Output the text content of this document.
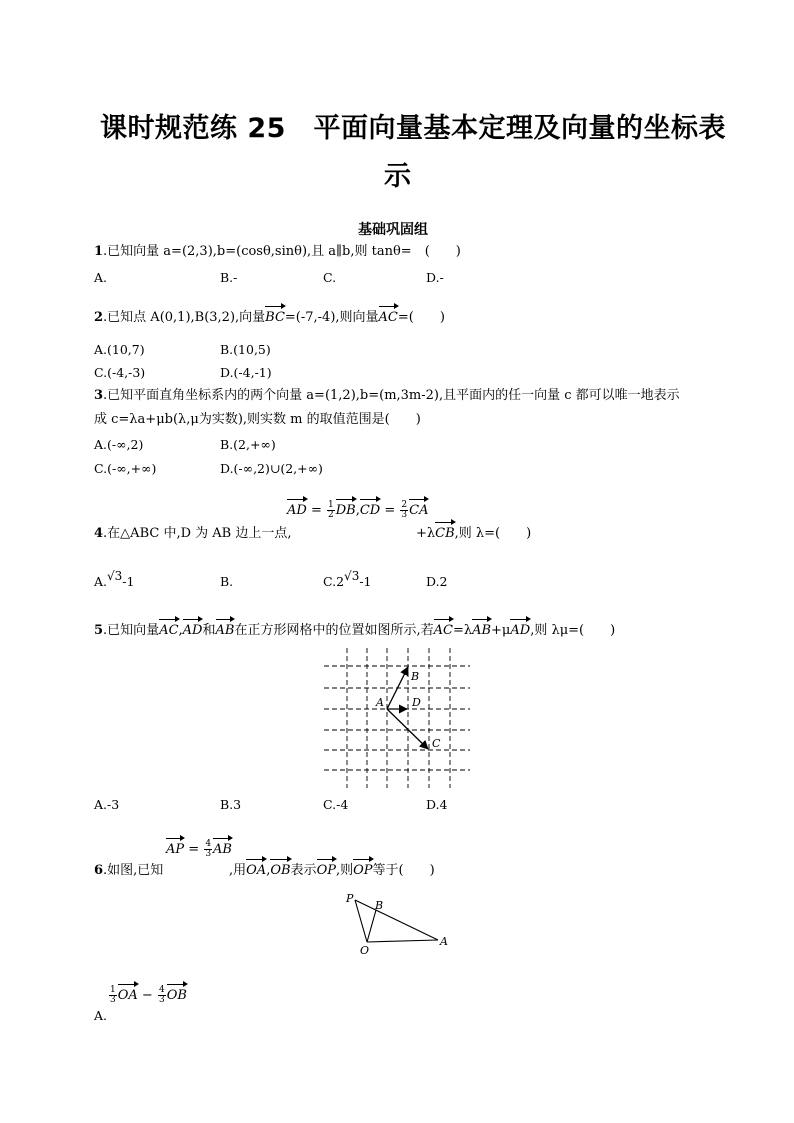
课时规范练 25　平面向量基本定理及向量的坐标表
示
基础巩固组
1.已知向量 a=(2,3),b=(cosθ,sinθ),且 a∥b,则 tanθ=　(　　)
A.	B.-	C.	D.-
2.已知点 A(0,1),B(3,2),向量BC=(-7,-4),则向量AC=(　　)
A.(10,7)	B.(10,5)
C.(-4,-3)	D.(-4,-1)
3.已知平面直角坐标系内的两个向量 a=(1,2),b=(m,3m-2),且平面内的任一向量 c 都可以唯一地表示
成 c=λa+μb(λ,μ为实数),则实数 m 的取值范围是(　　)
A.(-∞,2)	B.(2,+∞)
C.(-∞,+∞)	D.(-∞,2)∪(2,+∞)
AD = $\frac{1}{2} DB,CD = \frac{2}{3}$ CA
4.在△ABC 中,D 为 AB 边上一点,	+λCB,则 λ=(　　)
A.√3-1	B.	C.2√3-1	D.2
5.已知向量AC,AD和AB在正方形网格中的位置如图所示,若AC=λAB+μAD,则 λμ=(　　)
A
B
D
C
A.-3	B.3	C.-4	D.4
AP = $\frac{4}{3}$ AB
6.如图,已知	,用OA,OB表示OP,则OP等于(　　)
P
B
O
A
$\frac{1}{3}$ OA − $\frac{4}{3}$ OB
A.
